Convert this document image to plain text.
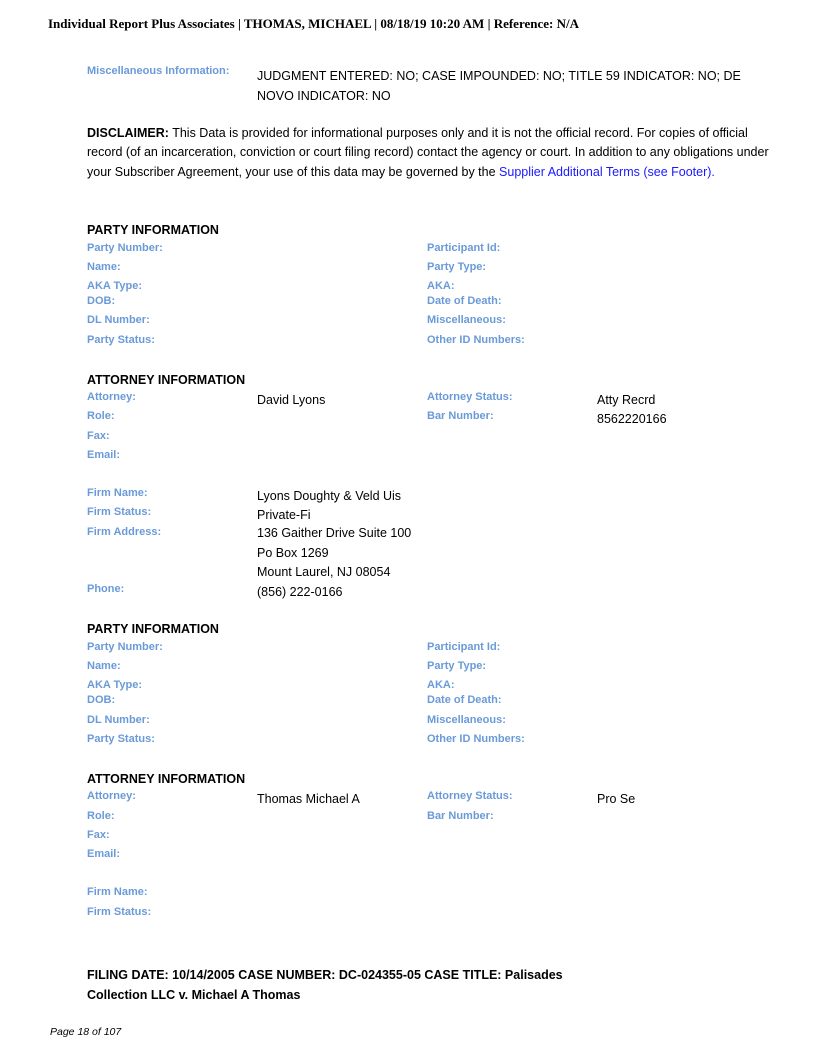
Individual Report Plus Associates | THOMAS, MICHAEL | 08/18/19 10:20 AM | Reference: N/A
Miscellaneous Information: JUDGMENT ENTERED: NO; CASE IMPOUNDED: NO; TITLE 59 INDICATOR: NO; DE
NOVO INDICATOR: NO
DISCLAIMER: This Data is provided for informational purposes only and it is not the official record. For copies of official record (of an incarceration, conviction or court filing record) contact the agency or court. In addition to any obligations under your Subscriber Agreement, your use of this data may be governed by the Supplier Additional Terms (see Footer).
PARTY INFORMATION
Party Number:	Participant Id:
Name:	Party Type:
AKA Type:	AKA:
DOB:	Date of Death:
DL Number:	Miscellaneous:
Party Status:	Other ID Numbers:
ATTORNEY INFORMATION
Attorney:	David Lyons	Attorney Status:	Atty Recrd
Role:	Bar Number:	8562220166
Fax:
Email:
Firm Name:	Lyons Doughty & Veld Uis
Firm Status:	Private-Fi
Firm Address:	136 Gaither Drive Suite 100
Po Box 1269
Mount Laurel, NJ 08054
Phone:	(856) 222-0166
PARTY INFORMATION
Party Number:	Participant Id:
Name:	Party Type:
AKA Type:	AKA:
DOB:	Date of Death:
DL Number:	Miscellaneous:
Party Status:	Other ID Numbers:
ATTORNEY INFORMATION
Attorney:	Thomas Michael A	Attorney Status:	Pro Se
Role:	Bar Number:
Fax:
Email:
Firm Name:
Firm Status:
FILING DATE: 10/14/2005 CASE NUMBER: DC-024355-05 CASE TITLE: Palisades
Collection LLC v. Michael A Thomas
Page 18 of 107
